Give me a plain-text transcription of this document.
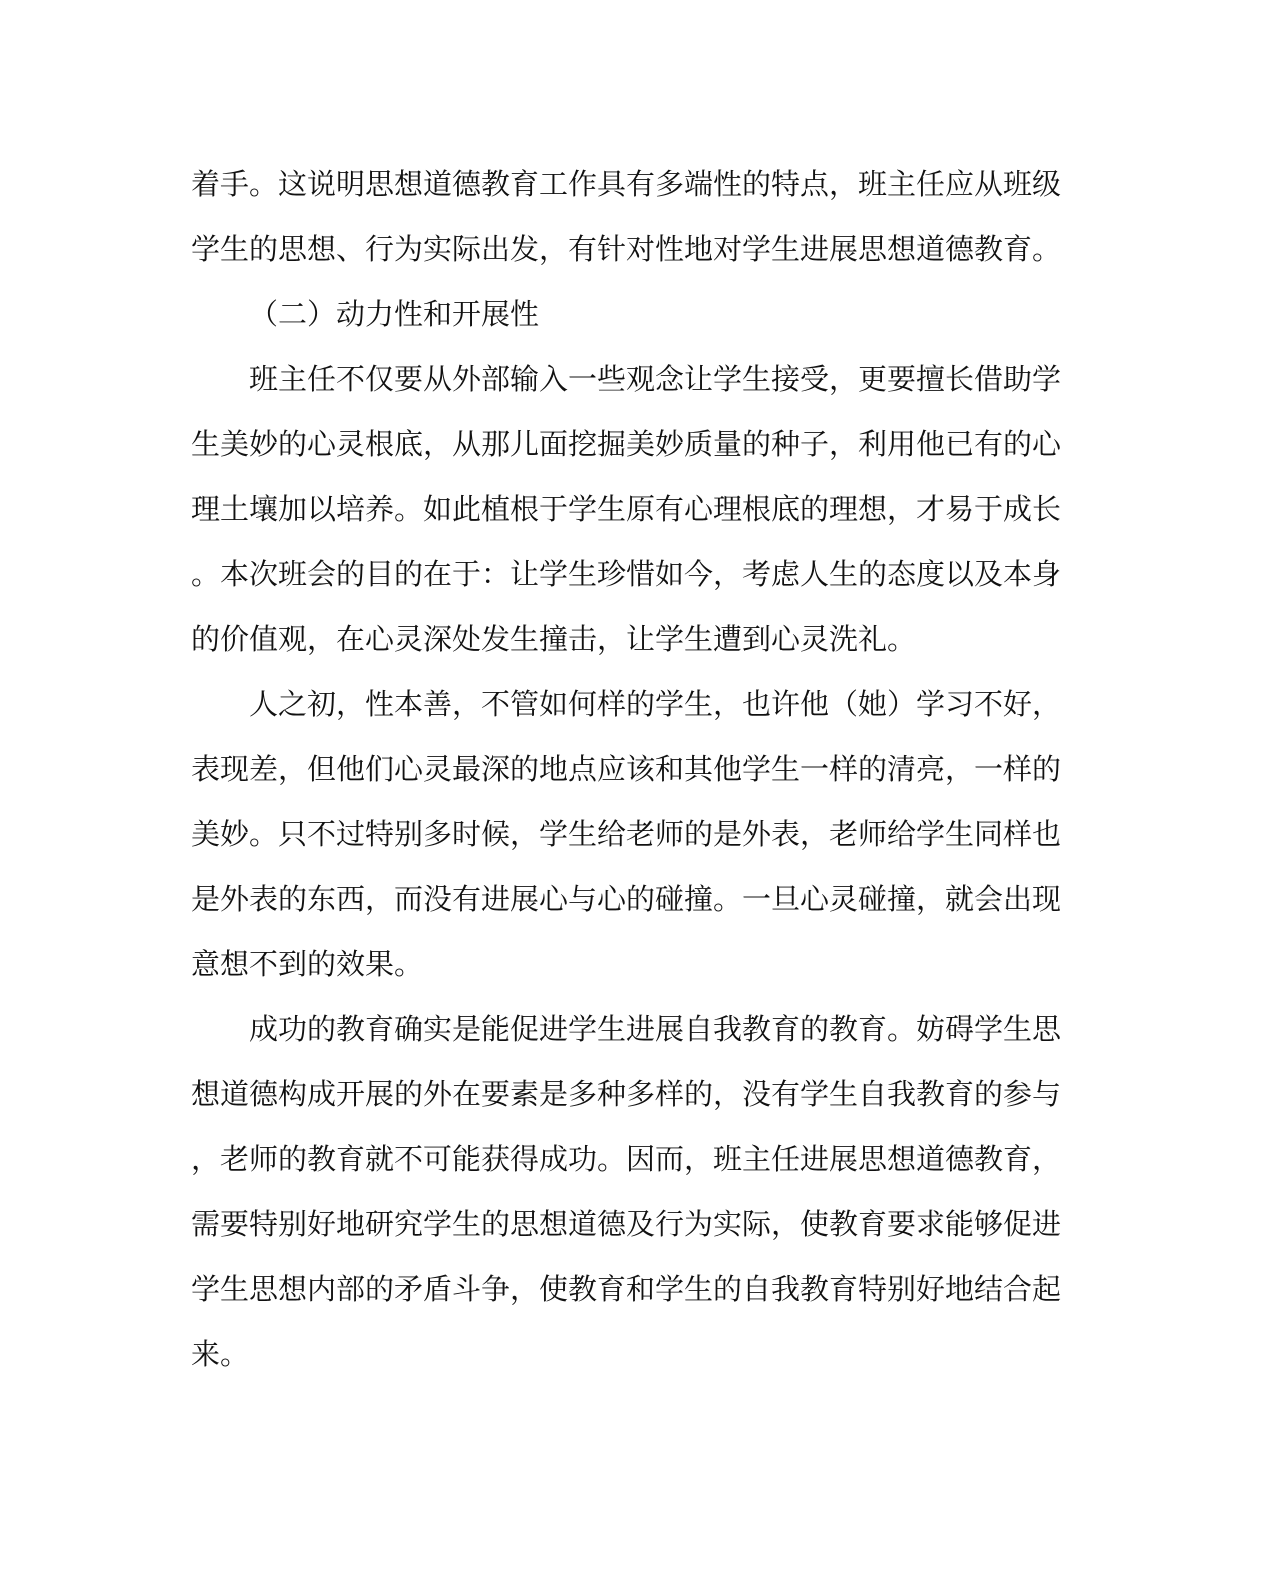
着手。这说明思想道德教育工作具有多端性的特点，班主任应从班级
学生的思想、行为实际出发，有针对性地对学生进展思想道德教育。
（二）动力性和开展性
班主任不仅要从外部输入一些观念让学生接受，更要擅长借助学
生美妙的心灵根底，从那儿面挖掘美妙质量的种子，利用他已有的心
理土壤加以培养。如此植根于学生原有心理根底的理想，才易于成长
。本次班会的目的在于：让学生珍惜如今，考虑人生的态度以及本身
的价值观，在心灵深处发生撞击，让学生遭到心灵洗礼。
人之初，性本善，不管如何样的学生，也许他（她）学习不好，
表现差，但他们心灵最深的地点应该和其他学生一样的清亮，一样的
美妙。只不过特别多时候，学生给老师的是外表，老师给学生同样也
是外表的东西，而没有进展心与心的碰撞。一旦心灵碰撞，就会出现
意想不到的效果。
成功的教育确实是能促进学生进展自我教育的教育。妨碍学生思
想道德构成开展的外在要素是多种多样的，没有学生自我教育的参与
，老师的教育就不可能获得成功。因而，班主任进展思想道德教育，
需要特别好地研究学生的思想道德及行为实际，使教育要求能够促进
学生思想内部的矛盾斗争，使教育和学生的自我教育特别好地结合起
来。
